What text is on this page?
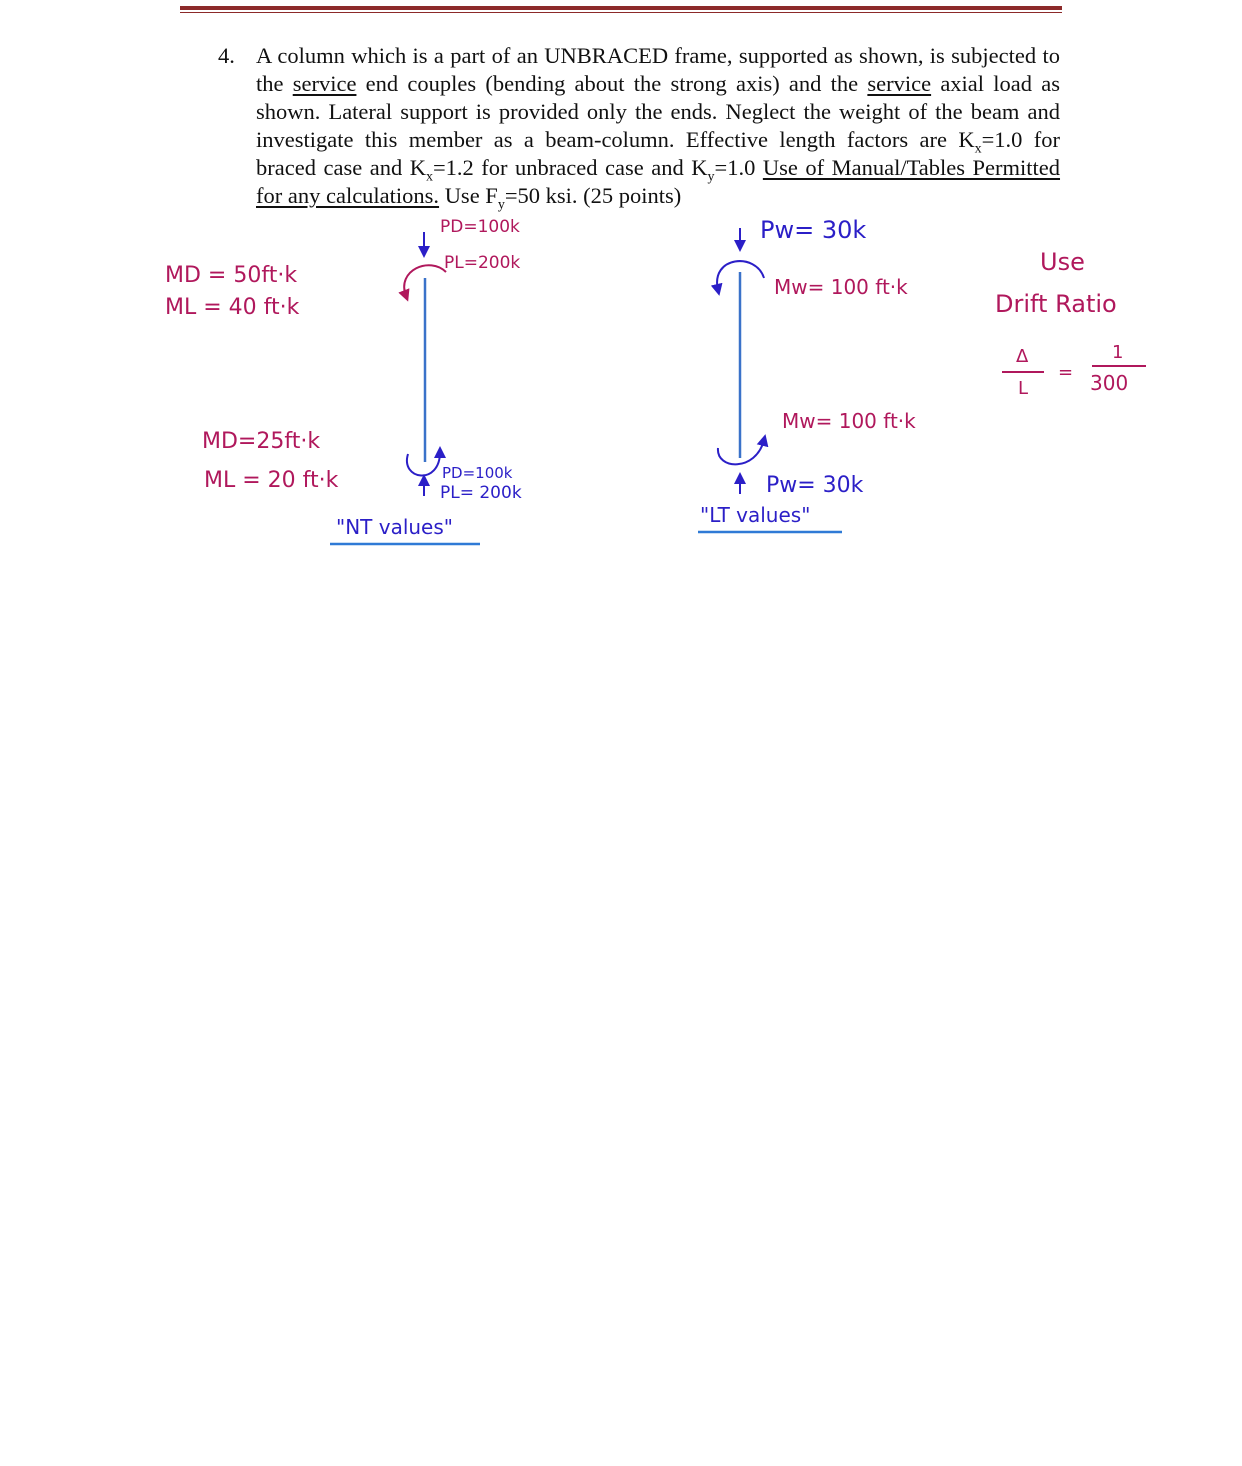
4. A column which is a part of an UNBRACED frame, supported as shown, is subjected to the service end couples (bending about the strong axis) and the service axial load as shown. Lateral support is provided only the ends. Neglect the weight of the beam and investigate this member as a beam-column. Effective length factors are $K_x=1.0$ for braced case and $K_x=1.2$ for unbraced case and $K_y=1.0$ Use of Manual/Tables Permitted for any calculations. Use $F_y=50$ ksi. (25 points)
PD=100k
PL=200k
MD = 50ft·k
ML = 40 ft·k
MD=25ft·k
ML = 20 ft·k	PD=100k
PL= 200k
"NT values"
Pw= 30k
Mw= 100 ft·k
Mw= 100 ft·k
Pw= 30k
"LT values"
Use
Drift Ratio
Δ
L
=
1
300
